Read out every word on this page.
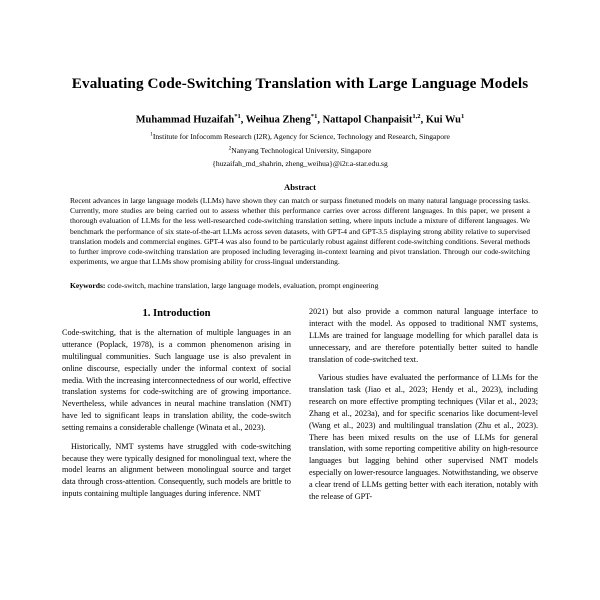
Evaluating Code-Switching Translation with Large Language Models
Muhammad Huzaifah$^{*1}$, Weihua Zheng$^{*1}$, Nattapol Chanpaisit$^{1,2}$, Kui Wu$^1$
$^1$Institute for Infocomm Research (I2R), Agency for Science, Technology and Research, Singapore
$^2$Nanyang Technological University, Singapore
{huzaifah_md_shahrin, zheng_weihua}@i2r.a-star.edu.sg
Abstract
Recent advances in large language models (LLMs) have shown they can match or surpass finetuned models on many natural language processing tasks. Currently, more studies are being carried out to assess whether this performance carries over across different languages. In this paper, we present a thorough evaluation of LLMs for the less well-researched code-switching translation setting, where inputs include a mixture of different languages. We benchmark the performance of six state-of-the-art LLMs across seven datasets, with GPT-4 and GPT-3.5 displaying strong ability relative to supervised translation models and commercial engines. GPT-4 was also found to be particularly robust against different code-switching conditions. Several methods to further improve code-switching translation are proposed including leveraging in-context learning and pivot translation. Through our code-switching experiments, we argue that LLMs show promising ability for cross-lingual understanding.
Keywords: code-switch, machine translation, large language models, evaluation, prompt engineering
1. Introduction
Code-switching, that is the alternation of multiple languages in an utterance (Poplack, 1978), is a common phenomenon arising in multilingual communities. Such language use is also prevalent in online discourse, especially under the informal context of social media. With the increasing interconnectedness of our world, effective translation systems for code-switching are of growing importance. Nevertheless, while advances in neural machine translation (NMT) have led to significant leaps in translation ability, the code-switch setting remains a considerable challenge (Winata et al., 2023).
Historically, NMT systems have struggled with code-switching because they were typically designed for monolingual text, where the model learns an alignment between monolingual source and target data through cross-attention. Consequently, such models are brittle to inputs containing multiple languages during inference. NMT
2021) but also provide a common natural language interface to interact with the model. As opposed to traditional NMT systems, LLMs are trained for language modelling for which parallel data is unnecessary, and are therefore potentially better suited to handle translation of code-switched text.
Various studies have evaluated the performance of LLMs for the translation task (Jiao et al., 2023; Hendy et al., 2023), including research on more effective prompting techniques (Vilar et al., 2023; Zhang et al., 2023a), and for specific scenarios like document-level (Wang et al., 2023) and multilingual translation (Zhu et al., 2023). There has been mixed results on the use of LLMs for general translation, with some reporting competitive ability on high-resource languages but lagging behind other supervised NMT models especially on lower-resource languages. Notwithstanding, we observe a clear trend of LLMs getting better with each iteration, notably with the release of GPT-
